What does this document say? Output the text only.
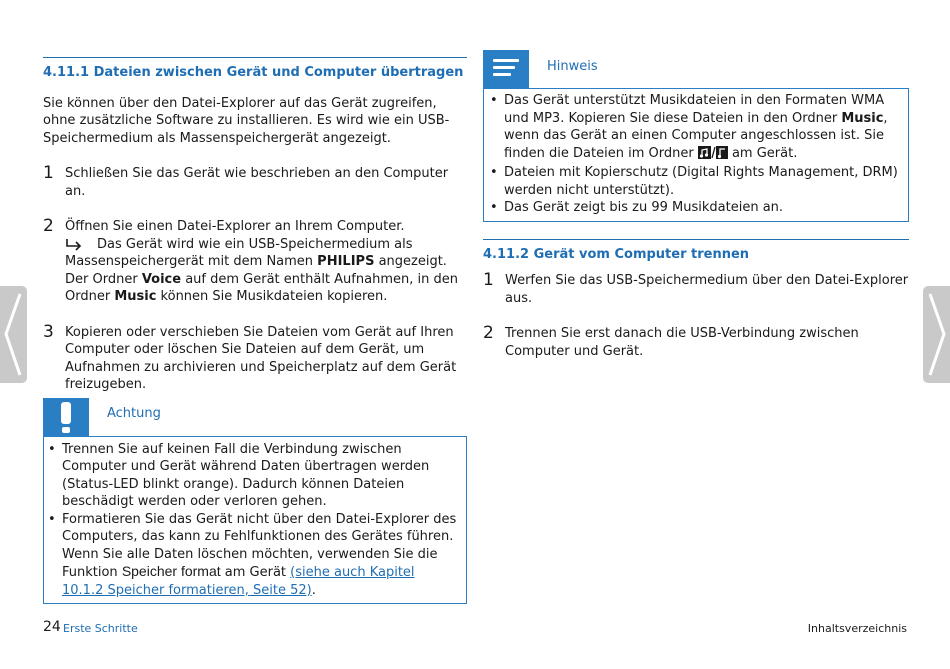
4.11.1 Dateien zwischen Gerät und Computer übertragen
Sie können über den Datei-Explorer auf das Gerät zugreifen, ohne zusätzliche Software zu installieren. Es wird wie ein USB-Speichermedium als Massenspeichergerät angezeigt.
1 Schließen Sie das Gerät wie beschrieben an den Computer an.
2 Öffnen Sie einen Datei-Explorer an Ihrem Computer.
Das Gerät wird wie ein USB-Speichermedium als Massenspeichergerät mit dem Namen PHILIPS angezeigt. Der Ordner Voice auf dem Gerät enthält Aufnahmen, in den Ordner Music können Sie Musikdateien kopieren.
3 Kopieren oder verschieben Sie Dateien vom Gerät auf Ihren Computer oder löschen Sie Dateien auf dem Gerät, um Aufnahmen zu archivieren und Speicherplatz auf dem Gerät freizugeben.
Achtung
• Trennen Sie auf keinen Fall die Verbindung zwischen Computer und Gerät während Daten übertragen werden (Status-LED blinkt orange). Dadurch können Dateien beschädigt werden oder verloren gehen.
• Formatieren Sie das Gerät nicht über den Datei-Explorer des Computers, das kann zu Fehlfunktionen des Gerätes führen. Wenn Sie alle Daten löschen möchten, verwenden Sie die Funktion Speicher format am Gerät (siehe auch Kapitel 10.1.2 Speicher formatieren, Seite 52).
Hinweis
• Das Gerät unterstützt Musikdateien in den Formaten WMA und MP3. Kopieren Sie diese Dateien in den Ordner Music, wenn das Gerät an einen Computer angeschlossen ist. Sie finden die Dateien im Ordner  am Gerät.
• Dateien mit Kopierschutz (Digital Rights Management, DRM) werden nicht unterstützt).
• Das Gerät zeigt bis zu 99 Musikdateien an.
4.11.2 Gerät vom Computer trennen
1 Werfen Sie das USB-Speichermedium über den Datei-Explorer aus.
2 Trennen Sie erst danach die USB-Verbindung zwischen Computer und Gerät.
24 Erste Schritte	Inhaltsverzeichnis
